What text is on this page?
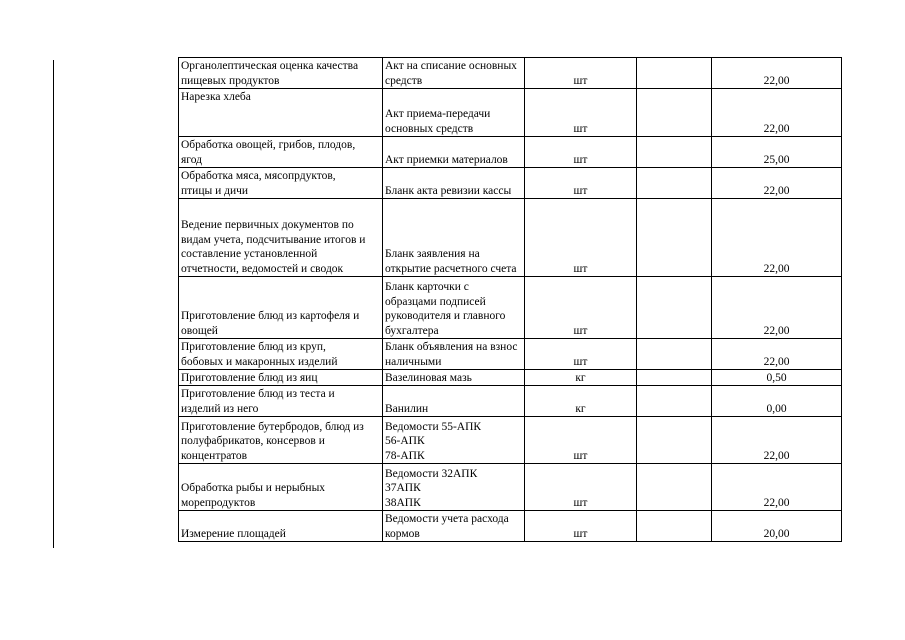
Органолептическая оценка качества
пищевых продуктов	Акт на списание основных
средств	шт		22,00

Нарезка хлеба	Акт приема-передачи
основных средств	шт		22,00

Обработка овощей, грибов, плодов,
ягод	Акт приемки материалов	шт		25,00

Обработка мяса, мясопрдуктов,
птицы и дичи	Бланк акта ревизии кассы	шт		22,00

Ведение первичных документов по
видам учета, подсчитывание итогов и
составление установленной
отчетности, ведомостей и сводок	Бланк заявления на
открытие расчетного счета	шт		22,00

Приготовление блюд из картофеля и
овощей	Бланк карточки с
образцами подписей
руководителя и главного
бухгалтера	шт		22,00

Приготовление блюд из круп,
бобовых и макаронных изделий	Бланк объявления на взнос
наличными	шт		22,00

Приготовление блюд из яиц	Вазелиновая мазь	кг		0,50

Приготовление блюд из теста и
изделий из него	Ванилин	кг		0,00

Приготовление бутербродов, блюд из
полуфабрикатов, консервов и
концентратов	Ведомости 55-АПК
56-АПК
78-АПК	шт		22,00

Обработка рыбы и нерыбных
морепродуктов	Ведомости 32АПК
37АПК
38АПК	шт		22,00

Измерение площадей	Ведомости учета расхода
кормов	шт		20,00
